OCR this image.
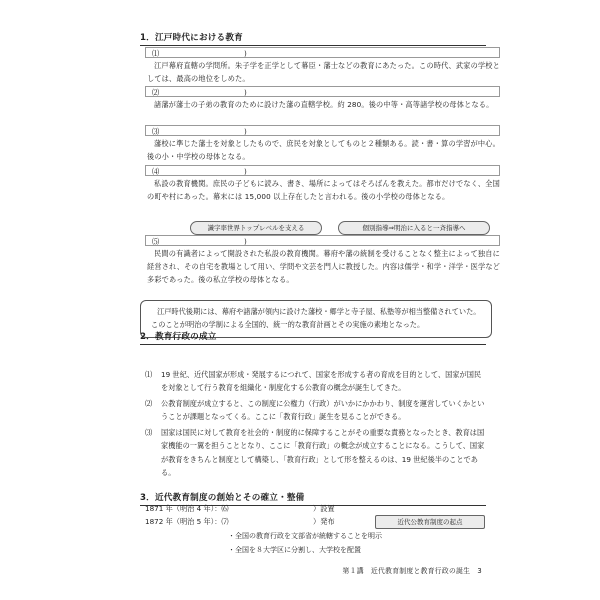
1．江戸時代における教育
⑴	)
江戸幕府直轄の学問所。朱子学を正学として幕臣・藩士などの教育にあたった。この時代、武家の学校としては、最高の地位をしめた。
⑵	)
諸藩が藩士の子弟の教育のために設けた藩の直轄学校。約 280。後の中等・高等諸学校の母体となる。
⑶	)
藩校に準じた藩士を対象としたもので、庶民を対象としてものと２種類ある。読・書・算の学習が中心。後の小・中学校の母体となる。
⑷	)
私設の教育機関。庶民の子どもに読み、書き、場所によってはそろばんを教えた。都市だけでなく、全国の町や村にあった。幕末には 15,000 以上存在したと言われる。後の小学校の母体となる。
識字率世界トップレベルを支える	個別指導⇒明治に入ると一斉指導へ
⑸	)
民間の有識者によって開設された私設の教育機関。幕府や藩の統制を受けることなく整主によって独自に経営され、その自宅を教場として用い、学問や文芸を門人に教授した。内容は儒学・和学・洋学・医学など多彩であった。後の私立学校の母体となる。
江戸時代後期には、幕府や諸藩が領内に設けた藩校・郷学と寺子屋、私塾等が相当整備されていた。このことが明治の学制による全国的、統一的な教育計画とその実施の素地となった。
2．教育行政の成立
⑴ 19 世紀、近代国家が形成・発展するにつれて、国家を形成する者の育成を目的として、国家が国民を対象として行う教育を組織化・制度化する公教育の概念が誕生してきた。
⑵ 公教育制度が成立すると、この制度に公権力（行政）がいかにかかわり、制度を運営していくかということが課題となってくる。ここに「教育行政」誕生を見ることができる。
⑶ 国家は国民に対して教育を社会的・制度的に保障することがその重要な責務となったとき、教育は国家機能の一翼を担うこととなり、ここに「教育行政」の概念が成立することになる。こうして、国家が教育をきちんと制度として構築し、「教育行政」として形を整えるのは、19 世紀後半のことである。
3．近代教育制度の創始とその確立・整備
1871 年（明治 4 年）：⑹	）設置
1872 年（明治 5 年）：⑺	）発布	近代公教育制度の起点
・全国の教育行政を文部省が統轄することを明示
・全国を８大学区に分割し、大学校を配置
第１講　近代教育制度と教育行政の誕生　3
